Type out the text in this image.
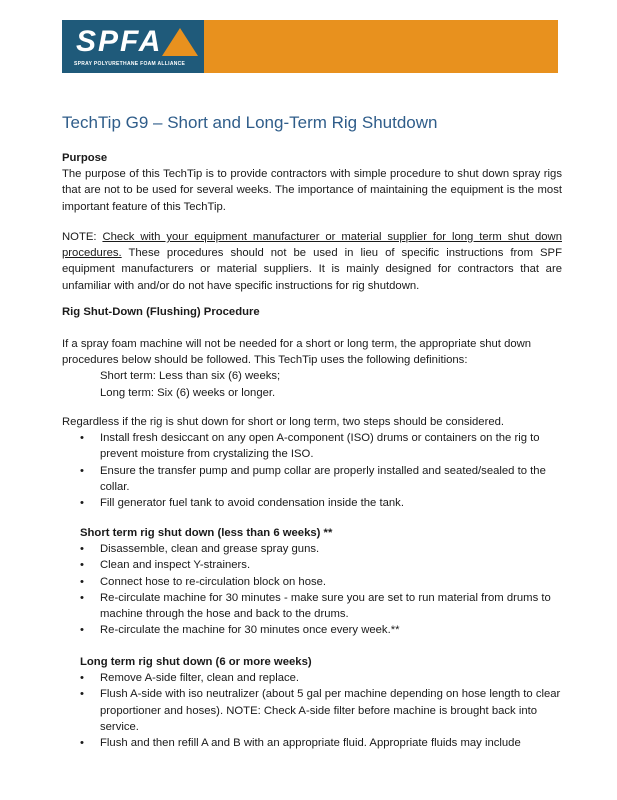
SPFA
SPRAY POLYURETHANE FOAM ALLIANCE
TechTip G9 – Short and Long-Term Rig Shutdown
Purpose
The purpose of this TechTip is to provide contractors with simple procedure to shut down spray rigs that are not to be used for several weeks. The importance of maintaining the equipment is the most important feature of this TechTip.
NOTE: Check with your equipment manufacturer or material supplier for long term shut down procedures. These procedures should not be used in lieu of specific instructions from SPF equipment manufacturers or material suppliers. It is mainly designed for contractors that are unfamiliar with and/or do not have specific instructions for rig shutdown.
Rig Shut-Down (Flushing) Procedure
If a spray foam machine will not be needed for a short or long term, the appropriate shut down procedures below should be followed. This TechTip uses the following definitions:
Short term: Less than six (6) weeks;
Long term: Six (6) weeks or longer.
Regardless if the rig is shut down for short or long term, two steps should be considered.
• Install fresh desiccant on any open A-component (ISO) drums or containers on the rig to prevent moisture from crystalizing the ISO.
• Ensure the transfer pump and pump collar are properly installed and seated/sealed to the collar.
• Fill generator fuel tank to avoid condensation inside the tank.
Short term rig shut down (less than 6 weeks) **
• Disassemble, clean and grease spray guns.
• Clean and inspect Y-strainers.
• Connect hose to re-circulation block on hose.
• Re-circulate machine for 30 minutes - make sure you are set to run material from drums to machine through the hose and back to the drums.
• Re-circulate the machine for 30 minutes once every week.**
Long term rig shut down (6 or more weeks)
• Remove A-side filter, clean and replace.
• Flush A-side with iso neutralizer (about 5 gal per machine depending on hose length to clear proportioner and hoses). NOTE: Check A-side filter before machine is brought back into service.
• Flush and then refill A and B with an appropriate fluid. Appropriate fluids may include
